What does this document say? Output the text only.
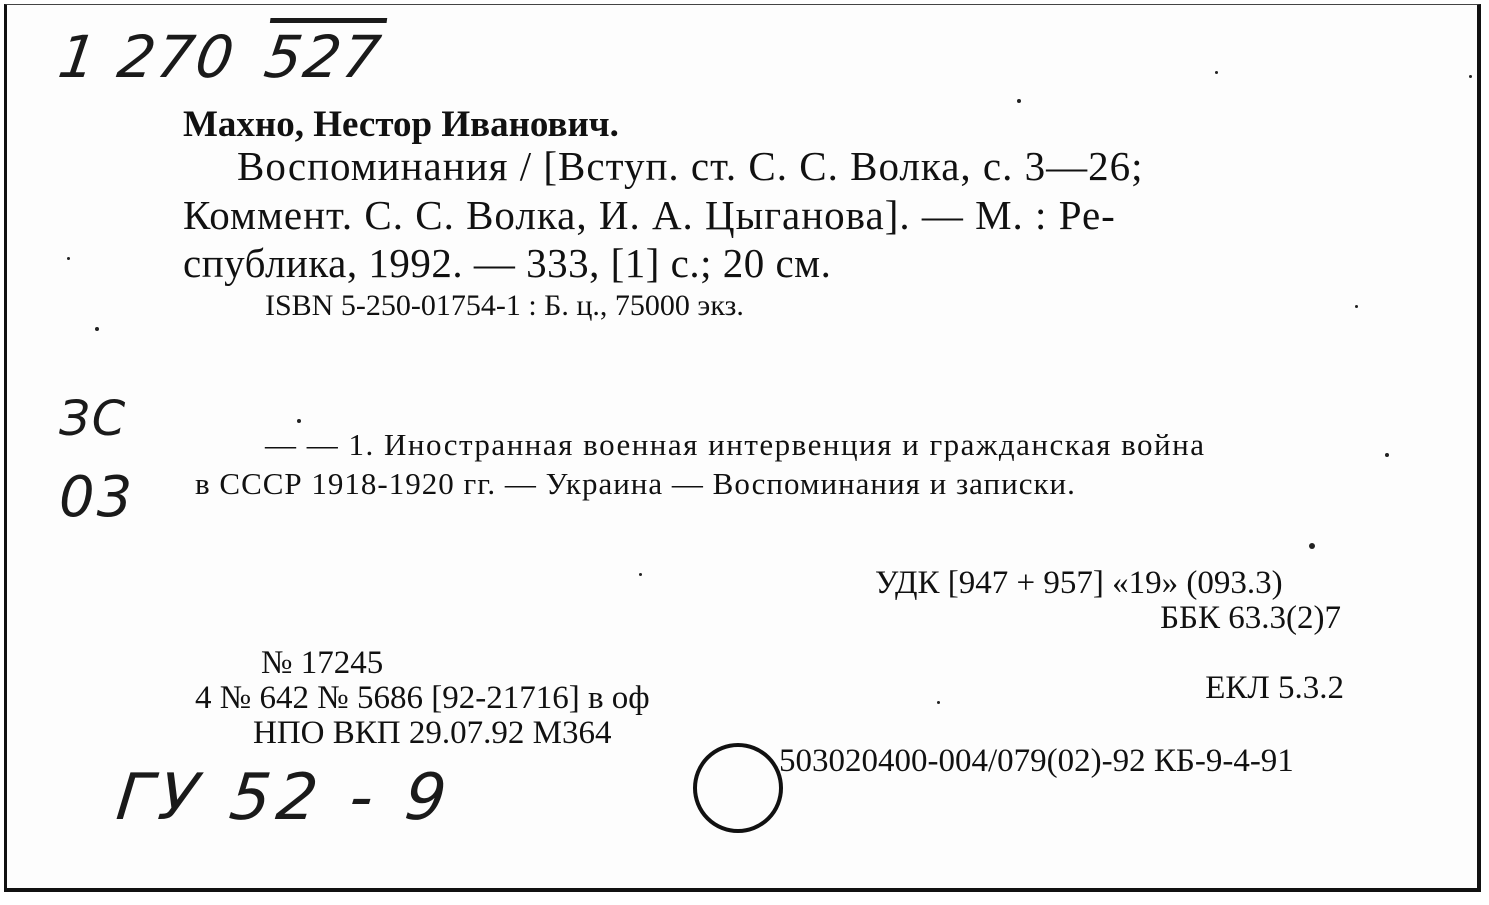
1 270 527
Махно, Нестор Иванович.
Воспоминания / [Вступ. ст. С. С. Волка, с. 3—26;
Коммент. С. С. Волка, И. А. Цыганова]. — М. : Ре-
спублика, 1992. — 333, [1] с.; 20 см.
ISBN 5-250-01754-1 : Б. ц., 75000 экз.
ЗС
03
— — 1. Иностранная военная интервенция и гражданская война
в СССР 1918-1920 гг. — Украина — Воспоминания и записки.
УДК [947 + 957] «19» (093.3)
ББК 63.3(2)7
№ 17245
4 № 642 № 5686 [92-21716] в оф
НПО ВКП 29.07.92 М364
ЕКЛ 5.3.2
503020400-004/079(02)-92 КБ-9-4-91
ГУ 52 - 9
